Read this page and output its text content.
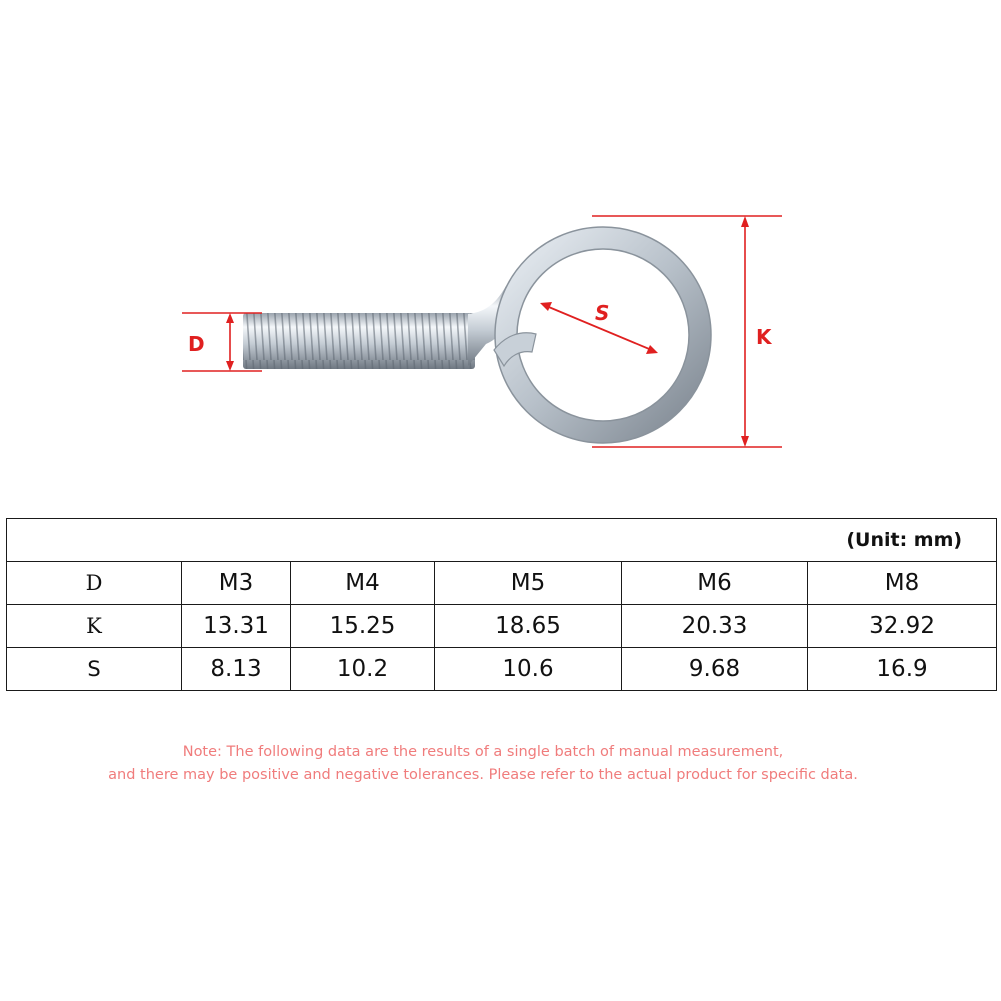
D
S
K
(Unit: mm)					
D	M3	M4	M5	M6	M8
K	13.31	15.25	18.65	20.33	32.92
S	8.13	10.2	10.6	9.68	16.9
Note: The following data are the results of a single batch of manual measurement,
and there may be positive and negative tolerances. Please refer to the actual product for specific data.
